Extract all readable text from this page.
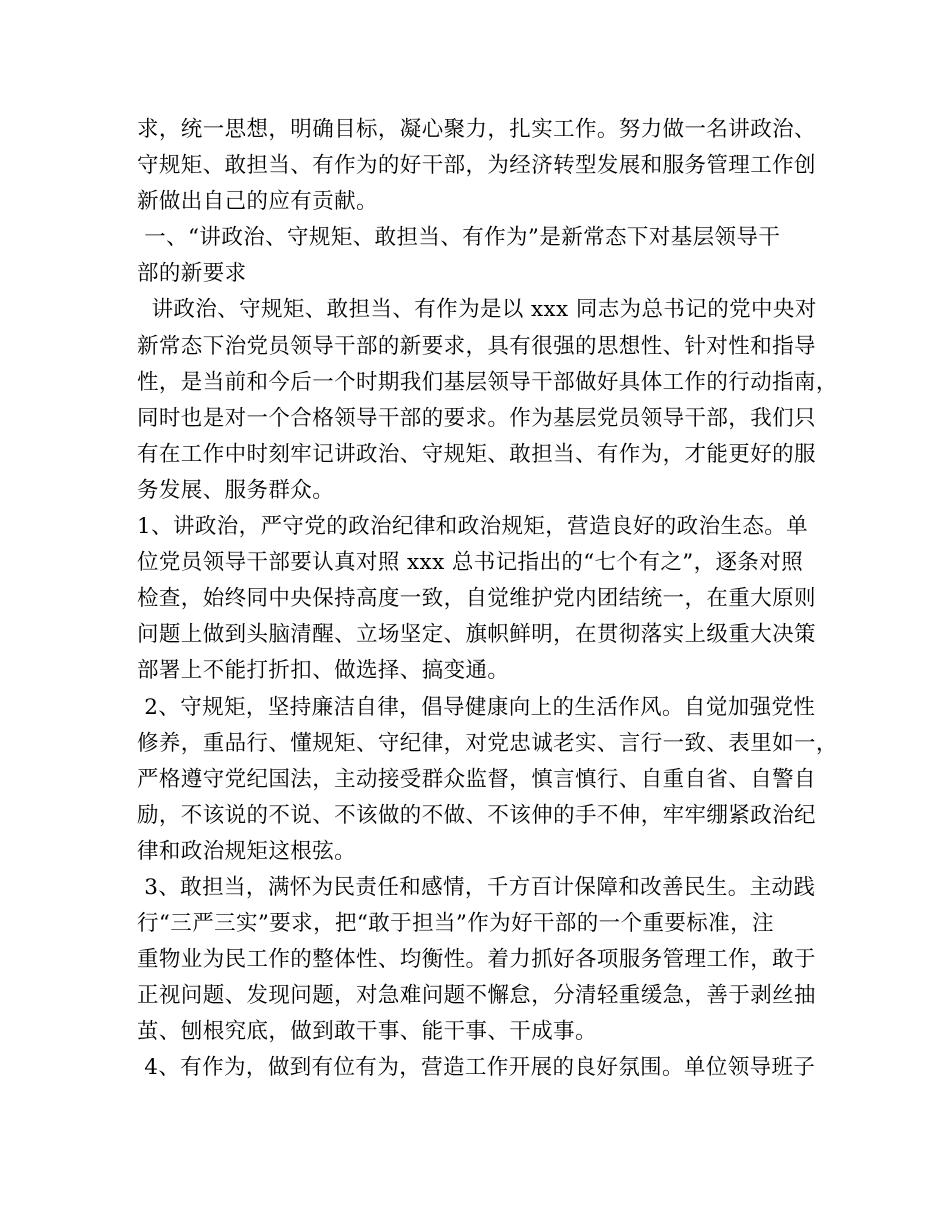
求，统一思想，明确目标，凝心聚力，扎实工作。努力做一名讲政治、
守规矩、敢担当、有作为的好干部，为经济转型发展和服务管理工作创
新做出自己的应有贡献。
一、“讲政治、守规矩、敢担当、有作为”是新常态下对基层领导干
部的新要求
讲政治、守规矩、敢担当、有作为是以 xxx 同志为总书记的党中央对
新常态下治党员领导干部的新要求，具有很强的思想性、针对性和指导
性，是当前和今后一个时期我们基层领导干部做好具体工作的行动指南，
同时也是对一个合格领导干部的要求。作为基层党员领导干部，我们只
有在工作中时刻牢记讲政治、守规矩、敢担当、有作为，才能更好的服
务发展、服务群众。
1、讲政治，严守党的政治纪律和政治规矩，营造良好的政治生态。单
位党员领导干部要认真对照 xxx 总书记指出的“七个有之”，逐条对照
检查，始终同中央保持高度一致，自觉维护党内团结统一，在重大原则
问题上做到头脑清醒、立场坚定、旗帜鲜明，在贯彻落实上级重大决策
部署上不能打折扣、做选择、搞变通。
2、守规矩，坚持廉洁自律，倡导健康向上的生活作风。自觉加强党性
修养，重品行、懂规矩、守纪律，对党忠诚老实、言行一致、表里如一，
严格遵守党纪国法，主动接受群众监督，慎言慎行、自重自省、自警自
励，不该说的不说、不该做的不做、不该伸的手不伸，牢牢绷紧政治纪
律和政治规矩这根弦。
3、敢担当，满怀为民责任和感情，千方百计保障和改善民生。主动践
行“三严三实”要求，把“敢于担当”作为好干部的一个重要标准，注
重物业为民工作的整体性、均衡性。着力抓好各项服务管理工作，敢于
正视问题、发现问题，对急难问题不懈怠，分清轻重缓急，善于剥丝抽
茧、刨根究底，做到敢干事、能干事、干成事。
4、有作为，做到有位有为，营造工作开展的良好氛围。单位领导班子
